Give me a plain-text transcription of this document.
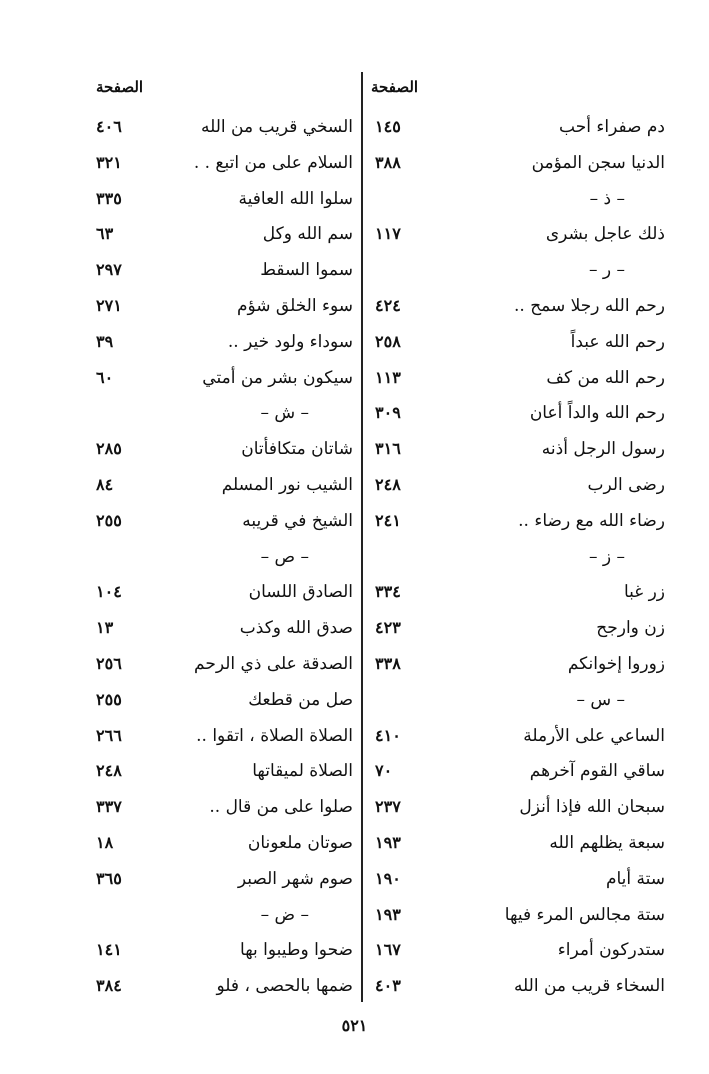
الصفحة
١٤٥	دم صفراء أحب
٣٨٨	الدنيا سجن المؤمن
– ذ –
١١٧	ذلك عاجل بشرى
– ر –
٤٢٤	رحم الله رجلا سمح ..
٢٥٨	رحم الله عبداً
١١٣	رحم الله من كف
٣٠٩	رحم الله والداً أعان
٣١٦	رسول الرجل أذنه
٢٤٨	رضى الرب
٢٤١	رضاء الله مع رضاء ..
– ز –
٣٣٤	زر غبا
٤٢٣	زن وارجح
٣٣٨	زوروا إخوانكم
– س –
٤١٠	الساعي على الأرملة
٧٠	ساقي القوم آخرهم
٢٣٧	سبحان الله فإذا أنزل
١٩٣	سبعة يظلهم الله
١٩٠	ستة أيام
١٩٣	ستة مجالس المرء فيها
١٦٧	ستدركون أمراء
٤٠٣	السخاء قريب من الله
الصفحة
٤٠٦	السخي قريب من الله
٣٢١	السلام على من اتبع . .
٣٣٥	سلوا الله العافية
٦٣	سم الله وكل
٢٩٧	سموا السقط
٢٧١	سوء الخلق شؤم
٣٩	سوداء ولود خير ..
٦٠	سيكون بشر من أمتي
– ش –
٢٨٥	شاتان متكافأتان
٨٤	الشيب نور المسلم
٢٥٥	الشيخ في قريبه
– ص –
١٠٤	الصادق اللسان
١٣	صدق الله وكذب
٢٥٦	الصدقة على ذي الرحم
٢٥٥	صل من قطعك
٢٦٦	الصلاة الصلاة ، اتقوا ..
٢٤٨	الصلاة لميقاتها
٣٣٧	صلوا على من قال ..
١٨	صوتان ملعونان
٣٦٥	صوم شهر الصبر
– ض –
١٤١	ضحوا وطيبوا بها
٣٨٤	ضمها بالحصى ، فلو
٥٢١
